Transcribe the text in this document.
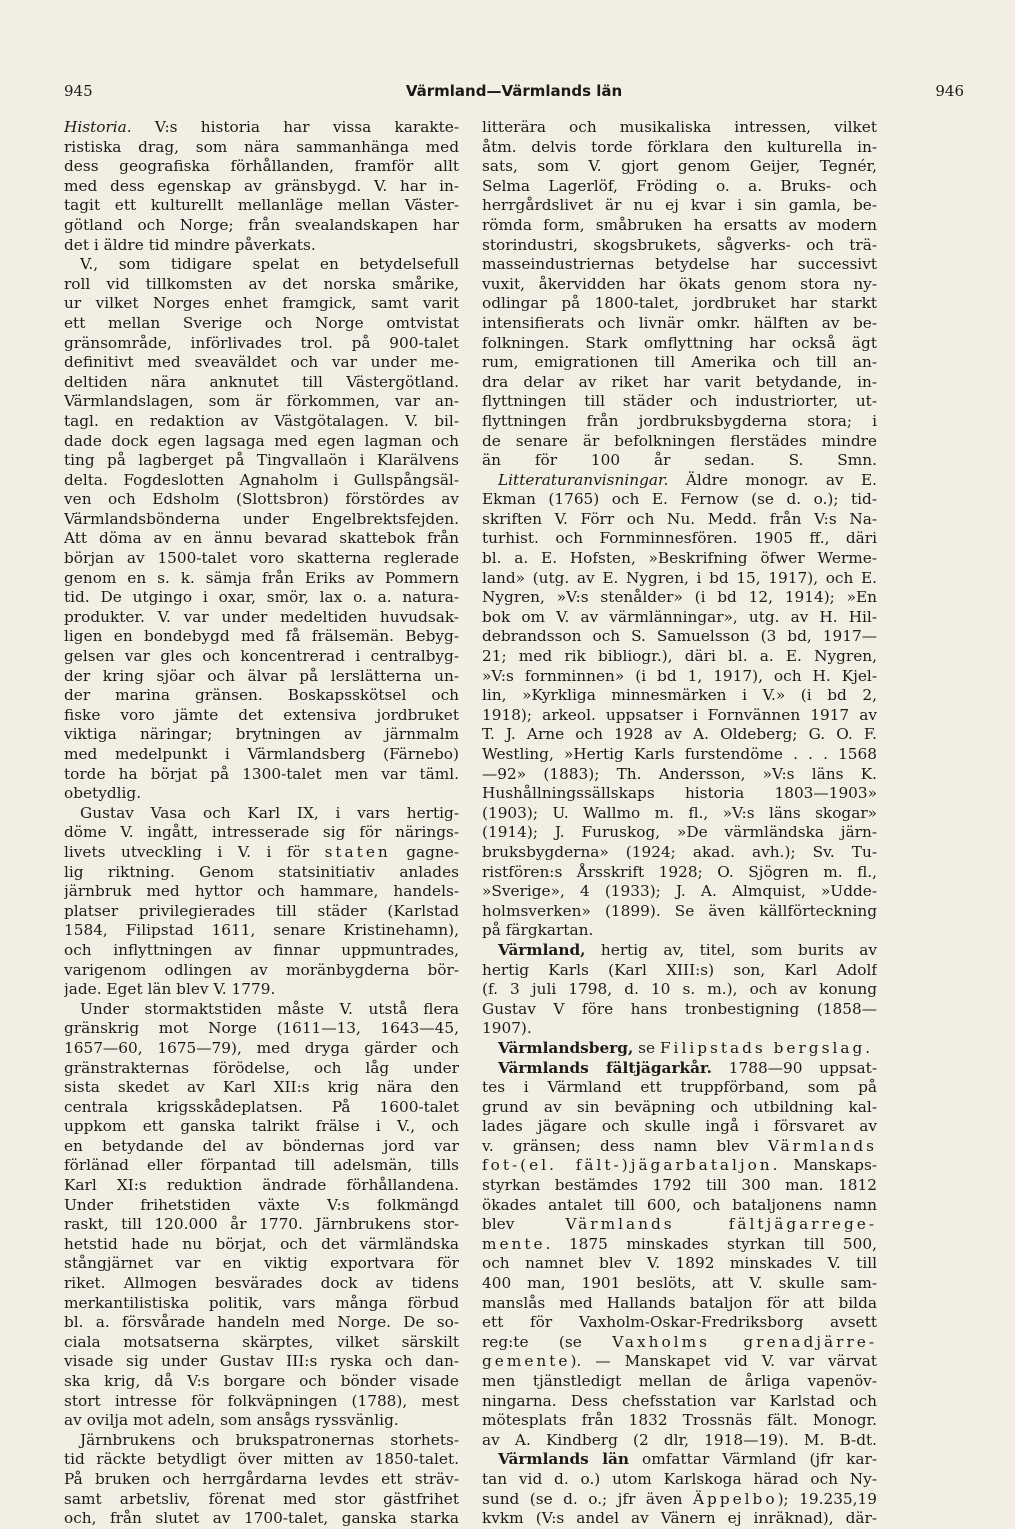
945	Värmland—Värmlands län	946
Historia. V:s historia har vissa karakte-
ristiska drag, som nära sammanhänga med
dess geografiska förhållanden, framför allt
med dess egenskap av gränsbygd. V. har in-
tagit ett kulturellt mellanläge mellan Väster-
götland och Norge; från svealandskapen har
det i äldre tid mindre påverkats.
V., som tidigare spelat en betydelsefull
roll vid tillkomsten av det norska smårike,
ur vilket Norges enhet framgick, samt varit
ett mellan Sverige och Norge omtvistat
gränsområde, införlivades trol. på 900-talet
definitivt med sveaväldet och var under me-
deltiden nära anknutet till Västergötland.
Värmlandslagen, som är förkommen, var an-
tagl. en redaktion av Västgötalagen. V. bil-
dade dock egen lagsaga med egen lagman och
ting på lagberget på Tingvallaön i Klarälvens
delta. Fogdeslotten Agnaholm i Gullspångsäl-
ven och Edsholm (Slottsbron) förstördes av
Värmlandsbönderna under Engelbrektsfejden.
Att döma av en ännu bevarad skattebok från
början av 1500-talet voro skatterna reglerade
genom en s. k. sämja från Eriks av Pommern
tid. De utgingo i oxar, smör, lax o. a. natura-
produkter. V. var under medeltiden huvudsak-
ligen en bondebygd med få frälsemän. Bebyg-
gelsen var gles och koncentrerad i centralbyg-
der kring sjöar och älvar på lerslätterna un-
der marina gränsen. Boskapsskötsel och
fiske voro jämte det extensiva jordbruket
viktiga näringar; brytningen av järnmalm
med medelpunkt i Värmlandsberg (Färnebo)
torde ha börjat på 1300-talet men var täml.
obetydlig.
Gustav Vasa och Karl IX, i vars hertig-
döme V. ingått, intresserade sig för närings-
livets utveckling i V. i för staten gagne-
lig riktning. Genom statsinitiativ anlades
järnbruk med hyttor och hammare, handels-
platser privilegierades till städer (Karlstad
1584, Filipstad 1611, senare Kristinehamn),
och inflyttningen av finnar uppmuntrades,
varigenom odlingen av moränbygderna bör-
jade. Eget län blev V. 1779.
Under stormaktstiden måste V. utstå flera
gränskrig mot Norge (1611—13, 1643—45,
1657—60, 1675—79), med dryga gärder och
gränstrakternas förödelse, och låg under
sista skedet av Karl XII:s krig nära den
centrala krigsskådeplatsen. På 1600-talet
uppkom ett ganska talrikt frälse i V., och
en betydande del av böndernas jord var
förlänad eller förpantad till adelsmän, tills
Karl XI:s reduktion ändrade förhållandena.
Under frihetstiden växte V:s folkmängd
raskt, till 120.000 år 1770. Järnbrukens stor-
hetstid hade nu börjat, och det värmländska
stångjärnet var en viktig exportvara för
riket. Allmogen besvärades dock av tidens
merkantilistiska politik, vars många förbud
bl. a. försvårade handeln med Norge. De so-
ciala motsatserna skärptes, vilket särskilt
visade sig under Gustav III:s ryska och dan-
ska krig, då V:s borgare och bönder visade
stort intresse för folkväpningen (1788), mest
av ovilja mot adeln, som ansågs ryssvänlig.
Järnbrukens och brukspatronernas storhets-
tid räckte betydligt över mitten av 1850-talet.
På bruken och herrgårdarna levdes ett sträv-
samt arbetsliv, förenat med stor gästfrihet
och, från slutet av 1700-talet, ganska starka
litterära och musikaliska intressen, vilket
åtm. delvis torde förklara den kulturella in-
sats, som V. gjort genom Geijer, Tegnér,
Selma Lagerlöf, Fröding o. a. Bruks- och
herrgårdslivet är nu ej kvar i sin gamla, be-
römda form, småbruken ha ersatts av modern
storindustri, skogsbrukets, sågverks- och trä-
masseindustriernas betydelse har successivt
vuxit, åkervidden har ökats genom stora ny-
odlingar på 1800-talet, jordbruket har starkt
intensifierats och livnär omkr. hälften av be-
folkningen. Stark omflyttning har också ägt
rum, emigrationen till Amerika och till an-
dra delar av riket har varit betydande, in-
flyttningen till städer och industriorter, ut-
flyttningen från jordbruksbygderna stora; i
de senare är befolkningen flerstädes mindre
än för 100 år sedan. S. Smn.
Litteraturanvisningar. Äldre monogr. av E.
Ekman (1765) och E. Fernow (se d. o.); tid-
skriften V. Förr och Nu. Medd. från V:s Na-
turhist. och Fornminnesfören. 1905 ff., däri
bl. a. E. Hofsten, »Beskrifning öfwer Werme-
land» (utg. av E. Nygren, i bd 15, 1917), och E.
Nygren, »V:s stenålder» (i bd 12, 1914); »En
bok om V. av värmlänningar», utg. av H. Hil-
debrandsson och S. Samuelsson (3 bd, 1917—
21; med rik bibliogr.), däri bl. a. E. Nygren,
»V:s fornminnen» (i bd 1, 1917), och H. Kjel-
lin, »Kyrkliga minnesmärken i V.» (i bd 2,
1918); arkeol. uppsatser i Fornvännen 1917 av
T. J. Arne och 1928 av A. Oldeberg; G. O. F.
Westling, »Hertig Karls furstendöme . . . 1568
—92» (1883); Th. Andersson, »V:s läns K.
Hushållningssällskaps historia 1803—1903»
(1903); U. Wallmo m. fl., »V:s läns skogar»
(1914); J. Furuskog, »De värmländska järn-
bruksbygderna» (1924; akad. avh.); Sv. Tu-
ristfören:s Årsskrift 1928; O. Sjögren m. fl.,
»Sverige», 4 (1933); J. A. Almquist, »Udde-
holmsverken» (1899). Se även källförteckning
på färgkartan.
Värmland, hertig av, titel, som burits av
hertig Karls (Karl XIII:s) son, Karl Adolf
(f. 3 juli 1798, d. 10 s. m.), och av konung
Gustav V före hans tronbestigning (1858—
1907).
Värmlandsberg, se Filipstads bergslag.
Värmlands fältjägarkår. 1788—90 uppsat-
tes i Värmland ett truppförband, som på
grund av sin beväpning och utbildning kal-
lades jägare och skulle ingå i försvaret av
v. gränsen; dess namn blev Värmlands
fot-(el. fält-)jägarbataljon. Manskaps-
styrkan bestämdes 1792 till 300 man. 1812
ökades antalet till 600, och bataljonens namn
blev Värmlands fältjägarrege-
mente. 1875 minskades styrkan till 500,
och namnet blev V. 1892 minskades V. till
400 man, 1901 beslöts, att V. skulle sam-
manslås med Hallands bataljon för att bilda
ett för Vaxholm-Oskar-Fredriksborg avsett
reg:te (se Vaxholms grenadjärre-
gemente). — Manskapet vid V. var värvat
men tjänstledigt mellan de årliga vapenöv-
ningarna. Dess chefsstation var Karlstad och
mötesplats från 1832 Trossnäs fält. Monogr.
av A. Kindberg (2 dlr, 1918—19). M. B-dt.
Värmlands län omfattar Värmland (jfr kar-
tan vid d. o.) utom Karlskoga härad och Ny-
sund (se d. o.; jfr även Äppelbo); 19.235,19
kvkm (V:s andel av Vänern ej inräknad), där-
